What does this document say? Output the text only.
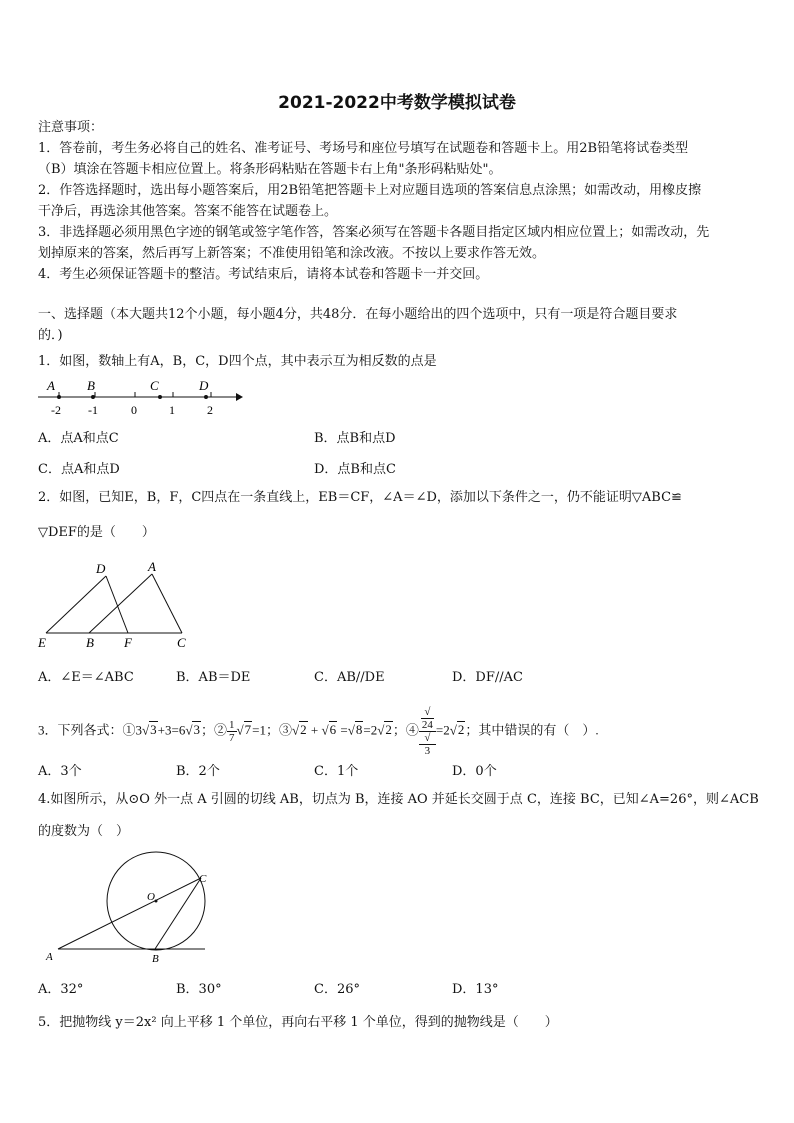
2021-2022中考数学模拟试卷
注意事项：
1．答卷前，考生务必将自己的姓名、准考证号、考场号和座位号填写在试题卷和答题卡上。用2B铅笔将试卷类型
（B）填涂在答题卡相应位置上。将条形码粘贴在答题卡右上角"条形码粘贴处"。
2．作答选择题时，选出每小题答案后，用2B铅笔把答题卡上对应题目选项的答案信息点涂黑；如需改动，用橡皮擦
干净后，再选涂其他答案。答案不能答在试题卷上。
3．非选择题必须用黑色字迹的钢笔或签字笔作答，答案必须写在答题卡各题目指定区域内相应位置上；如需改动，先
划掉原来的答案，然后再写上新答案；不准使用铅笔和涂改液。不按以上要求作答无效。
4．考生必须保证答题卡的整洁。考试结束后，请将本试卷和答题卡一并交回。
一、选择题（本大题共12个小题，每小题4分，共48分．在每小题给出的四个选项中，只有一项是符合题目要求
的．)
1．如图，数轴上有A，B，C，D四个点，其中表示互为相反数的点是
A B	C	D
-2 -1	0	1	2
A．点A和点C	B．点B和点D
C．点A和点D	D．点B和点C
2．如图，已知E，B，F，C四点在一条直线上，EB＝CF，∠A＝∠D，添加以下条件之一，仍不能证明▽ABC≌
▽DEF的是（　　）
D	A
E	B F	C
A．∠E＝∠ABC	B．AB＝DE	C．AB//DE	D．DF//AC
3．下列各式：①3√3+3=6√3；② $\frac{1}{7} √7=1$；③√2 + √6 =√8=2√2；④ √
24
√
3 =2√2；其中错误的有（　）.
A．3个	B．2个	C．1个	D．0个
4.如图所示，从⊙O 外一点 A 引圆的切线 AB，切点为 B，连接 AO 并延长交圆于点 C，连接 BC，已知∠A=26°，则∠ACB
的度数为（　）
O
C
A	B
A．32°	B．30°	C．26°	D．13°
5．把抛物线 y＝2x² 向上平移 1 个单位，再向右平移 1 个单位，得到的抛物线是（　　）
